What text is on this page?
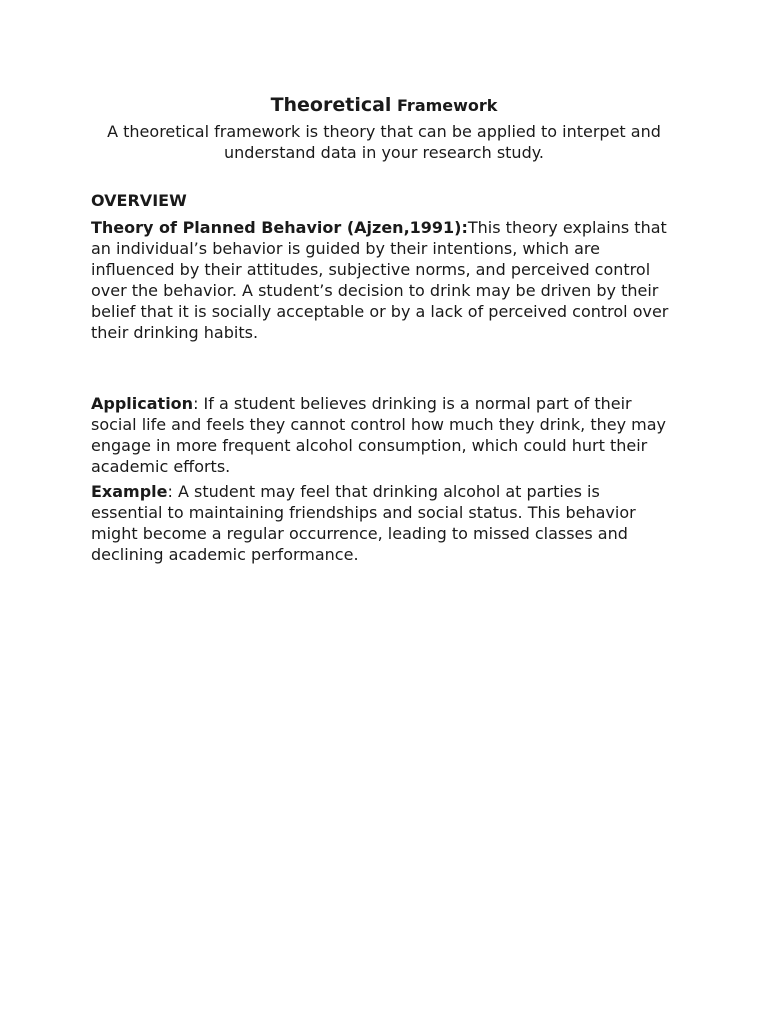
Theoretical Framework
A theoretical framework is theory that can be applied to interpet and understand data in your research study.
OVERVIEW
Theory of Planned Behavior (Ajzen,1991):This theory explains that an individual’s behavior is guided by their intentions, which are influenced by their attitudes, subjective norms, and perceived control over the behavior. A student’s decision to drink may be driven by their belief that it is socially acceptable or by a lack of perceived control over their drinking habits.
Application: If a student believes drinking is a normal part of their social life and feels they cannot control how much they drink, they may engage in more frequent alcohol consumption, which could hurt their academic efforts.
Example: A student may feel that drinking alcohol at parties is essential to maintaining friendships and social status. This behavior might become a regular occurrence, leading to missed classes and declining academic performance.
